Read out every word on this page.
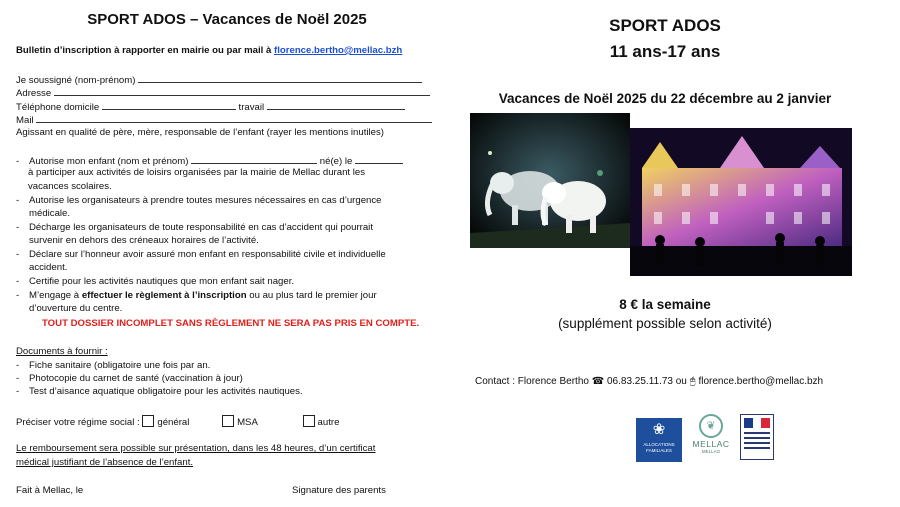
SPORT ADOS – Vacances de Noël 2025
Bulletin d’inscription à rapporter en mairie ou par mail à florence.bertho@mellac.bzh
Je soussigné (nom-prénom)
Adresse
Téléphone domicile	travail
Mail
Agissant en qualité de père, mère, responsable de l’enfant (rayer les mentions inutiles)
- Autorise mon enfant (nom et prénom)	né(e) le
à participer aux activités de loisirs organisées par la mairie de Mellac durant les
vacances scolaires.
- Autorise les organisateurs à prendre toutes mesures nécessaires en cas d’urgence
médicale.
- Décharge les organisateurs de toute responsabilité en cas d’accident qui pourrait
survenir en dehors des créneaux horaires de l’activité.
- Déclare sur l’honneur avoir assuré mon enfant en responsabilité civile et individuelle
accident.
- Certifie pour les activités nautiques que mon enfant sait nager.
- M’engage à effectuer le règlement à l’inscription ou au plus tard le premier jour
d’ouverture du centre.
TOUT DOSSIER INCOMPLET SANS RÈGLEMENT NE SERA PAS PRIS EN COMPTE.
Documents à fournir :
- Fiche sanitaire (obligatoire une fois par an.
- Photocopie du carnet de santé (vaccination à jour)
- Test d’aisance aquatique obligatoire pour les activités nautiques.
Préciser votre régime social : général	MSA	autre
Le remboursement sera possible sur présentation, dans les 48 heures, d’un certificat
médical justifiant de l’absence de l’enfant.
Fait à Mellac, le	Signature des parents
SPORT ADOS
11 ans-17 ans
Vacances de Noël 2025 du 22 décembre au 2 janvier
8 € la semaine
(supplément possible selon activité)
Contact : Florence Bertho ☎ 06.83.25.11.73 ou 🖰 florence.bertho@mellac.bzh
❀
ALLOCATIONS FAMILIALES
❦
MELLAC
MELLAG
